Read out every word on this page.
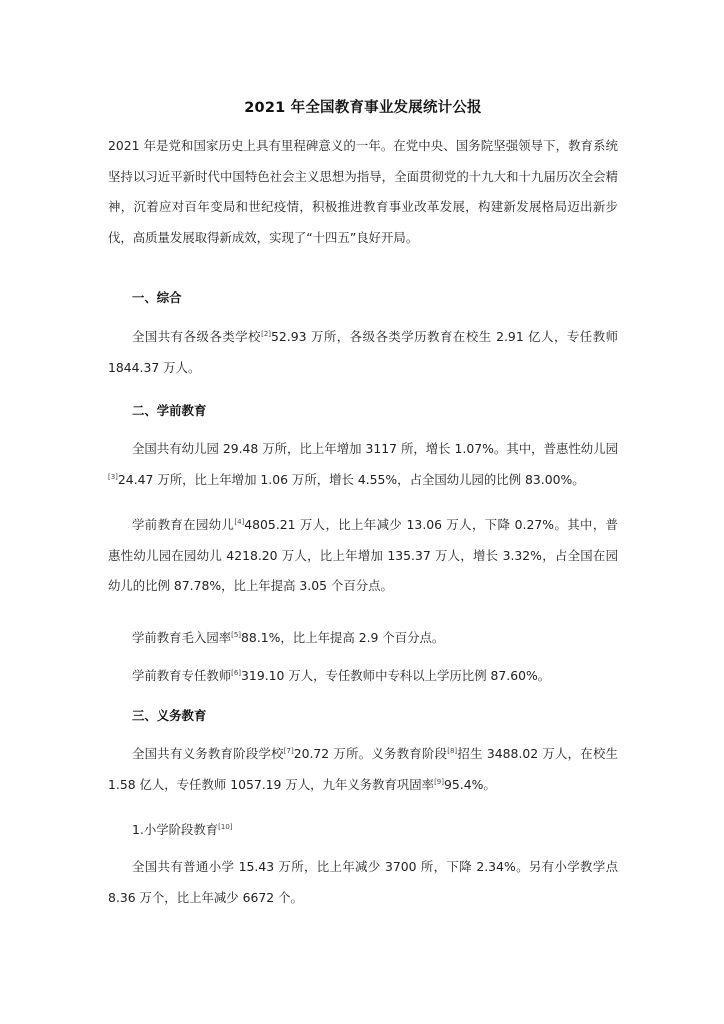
2021 年全国教育事业发展统计公报

2021 年是党和国家历史上具有里程碑意义的一年。在党中央、国务院坚强领导下，教育系统坚持以习近平新时代中国特色社会主义思想为指导，全面贯彻党的十九大和十九届历次全会精神，沉着应对百年变局和世纪疫情，积极推进教育事业改革发展，构建新发展格局迈出新步伐，高质量发展取得新成效，实现了“十四五”良好开局。

一、综合

全国共有各级各类学校[2]52.93 万所，各级各类学历教育在校生 2.91 亿人，专任教师 1844.37 万人。

二、学前教育

全国共有幼儿园 29.48 万所，比上年增加 3117 所，增长 1.07%。其中，普惠性幼儿园[3]24.47 万所，比上年增加 1.06 万所，增长 4.55%，占全国幼儿园的比例 83.00%。

学前教育在园幼儿[4]4805.21 万人，比上年减少 13.06 万人，下降 0.27%。其中，普惠性幼儿园在园幼儿 4218.20 万人，比上年增加 135.37 万人，增长 3.32%，占全国在园幼儿的比例 87.78%，比上年提高 3.05 个百分点。

学前教育毛入园率[5]88.1%，比上年提高 2.9 个百分点。

学前教育专任教师[6]319.10 万人，专任教师中专科以上学历比例 87.60%。

三、义务教育

全国共有义务教育阶段学校[7]20.72 万所。义务教育阶段[8]招生 3488.02 万人，在校生 1.58 亿人，专任教师 1057.19 万人，九年义务教育巩固率[9]95.4%。

1.小学阶段教育[10]

全国共有普通小学 15.43 万所，比上年减少 3700 所，下降 2.34%。另有小学教学点 8.36 万个，比上年减少 6672 个。
